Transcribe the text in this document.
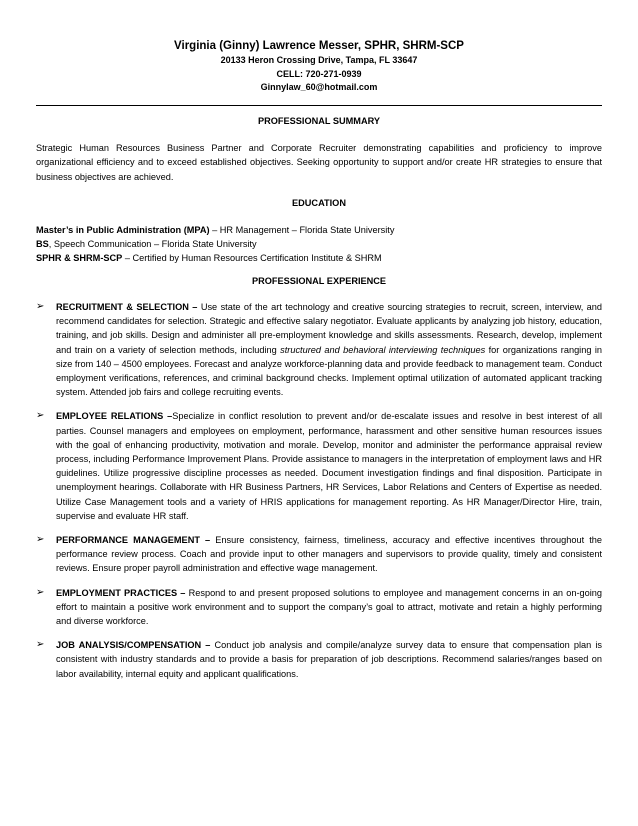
Virginia (Ginny) Lawrence Messer, SPHR, SHRM-SCP

20133 Heron Crossing Drive, Tampa, FL 33647

CELL: 720-271-0939

Ginnylaw_60@hotmail.com

PROFESSIONAL SUMMARY

Strategic Human Resources Business Partner and Corporate Recruiter demonstrating capabilities and proficiency to improve organizational efficiency and to exceed established objectives. Seeking opportunity to support and/or create HR strategies to ensure that business objectives are achieved.

EDUCATION

Master’s in Public Administration (MPA) – HR Management – Florida State University

BS, Speech Communication – Florida State University

SPHR & SHRM-SCP – Certified by Human Resources Certification Institute & SHRM

PROFESSIONAL EXPERIENCE

➢	RECRUITMENT & SELECTION – Use state of the art technology and creative sourcing strategies to recruit, screen, interview, and recommend candidates for selection. Strategic and effective salary negotiator. Evaluate applicants by analyzing job history, education, training, and job skills. Design and administer all pre-employment knowledge and skills assessments. Research, develop, implement and train on a variety of selection methods, including structured and behavioral interviewing techniques for organizations ranging in size from 140 – 4500 employees. Forecast and analyze workforce-planning data and provide feedback to management team. Conduct employment verifications, references, and criminal background checks. Implement optimal utilization of automated applicant tracking system. Attended job fairs and college recruiting events.

➢	EMPLOYEE RELATIONS –Specialize in conflict resolution to prevent and/or de-escalate issues and resolve in best interest of all parties. Counsel managers and employees on employment, performance, harassment and other sensitive human resources issues with the goal of enhancing productivity, motivation and morale. Develop, monitor and administer the performance appraisal review process, including Performance Improvement Plans. Provide assistance to managers in the interpretation of employment laws and HR guidelines. Utilize progressive discipline processes as needed. Document investigation findings and final disposition. Participate in unemployment hearings. Collaborate with HR Business Partners, HR Services, Labor Relations and Centers of Expertise as needed. Utilize Case Management tools and a variety of HRIS applications for management reporting. As HR Manager/Director Hire, train, supervise and evaluate HR staff.

➢	PERFORMANCE MANAGEMENT – Ensure consistency, fairness, timeliness, accuracy and effective incentives throughout the performance review process. Coach and provide input to other managers and supervisors to provide quality, timely and consistent reviews. Ensure proper payroll administration and effective wage management.

➢	EMPLOYMENT PRACTICES – Respond to and present proposed solutions to employee and management concerns in an on-going effort to maintain a positive work environment and to support the company’s goal to attract, motivate and retain a highly performing and diverse workforce.

➢	JOB ANALYSIS/COMPENSATION – Conduct job analysis and compile/analyze survey data to ensure that compensation plan is consistent with industry standards and to provide a basis for preparation of job descriptions. Recommend salaries/ranges based on labor availability, internal equity and applicant qualifications.
